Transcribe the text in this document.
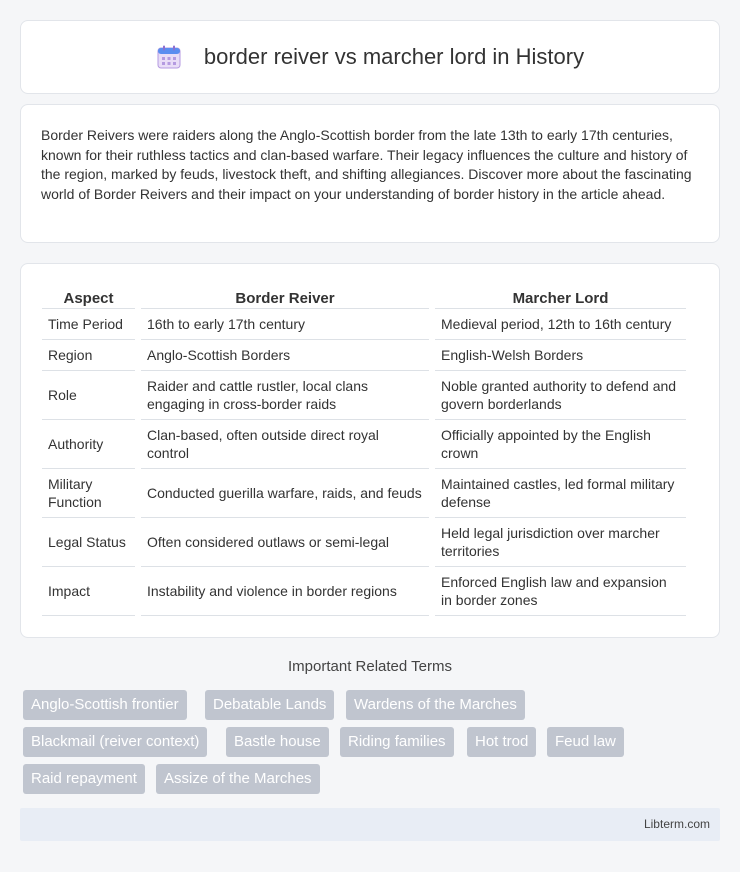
border reiver vs marcher lord in History

Border Reivers were raiders along the Anglo-Scottish border from the late 13th to early 17th centuries, known for their ruthless tactics and clan-based warfare. Their legacy influences the culture and history of the region, marked by feuds, livestock theft, and shifting allegiances. Discover more about the fascinating world of Border Reivers and their impact on your understanding of border history in the article ahead.

Aspect	Border Reiver	Marcher Lord
Time Period	16th to early 17th century	Medieval period, 12th to 16th century
Region	Anglo-Scottish Borders	English-Welsh Borders
Role	Raider and cattle rustler, local clans engaging in cross-border raids	Noble granted authority to defend and govern borderlands
Authority	Clan-based, often outside direct royal control	Officially appointed by the English crown
Military Function	Conducted guerilla warfare, raids, and feuds	Maintained castles, led formal military defense
Legal Status	Often considered outlaws or semi-legal	Held legal jurisdiction over marcher territories
Impact	Instability and violence in border regions	Enforced English law and expansion in border zones
Important Related Terms
Anglo-Scottish frontier	Debatable Lands	Wardens of the Marches
Blackmail (reiver context)	Bastle house	Riding families	Hot trod	Feud law
Raid repayment	Assize of the Marches
Libterm.com
